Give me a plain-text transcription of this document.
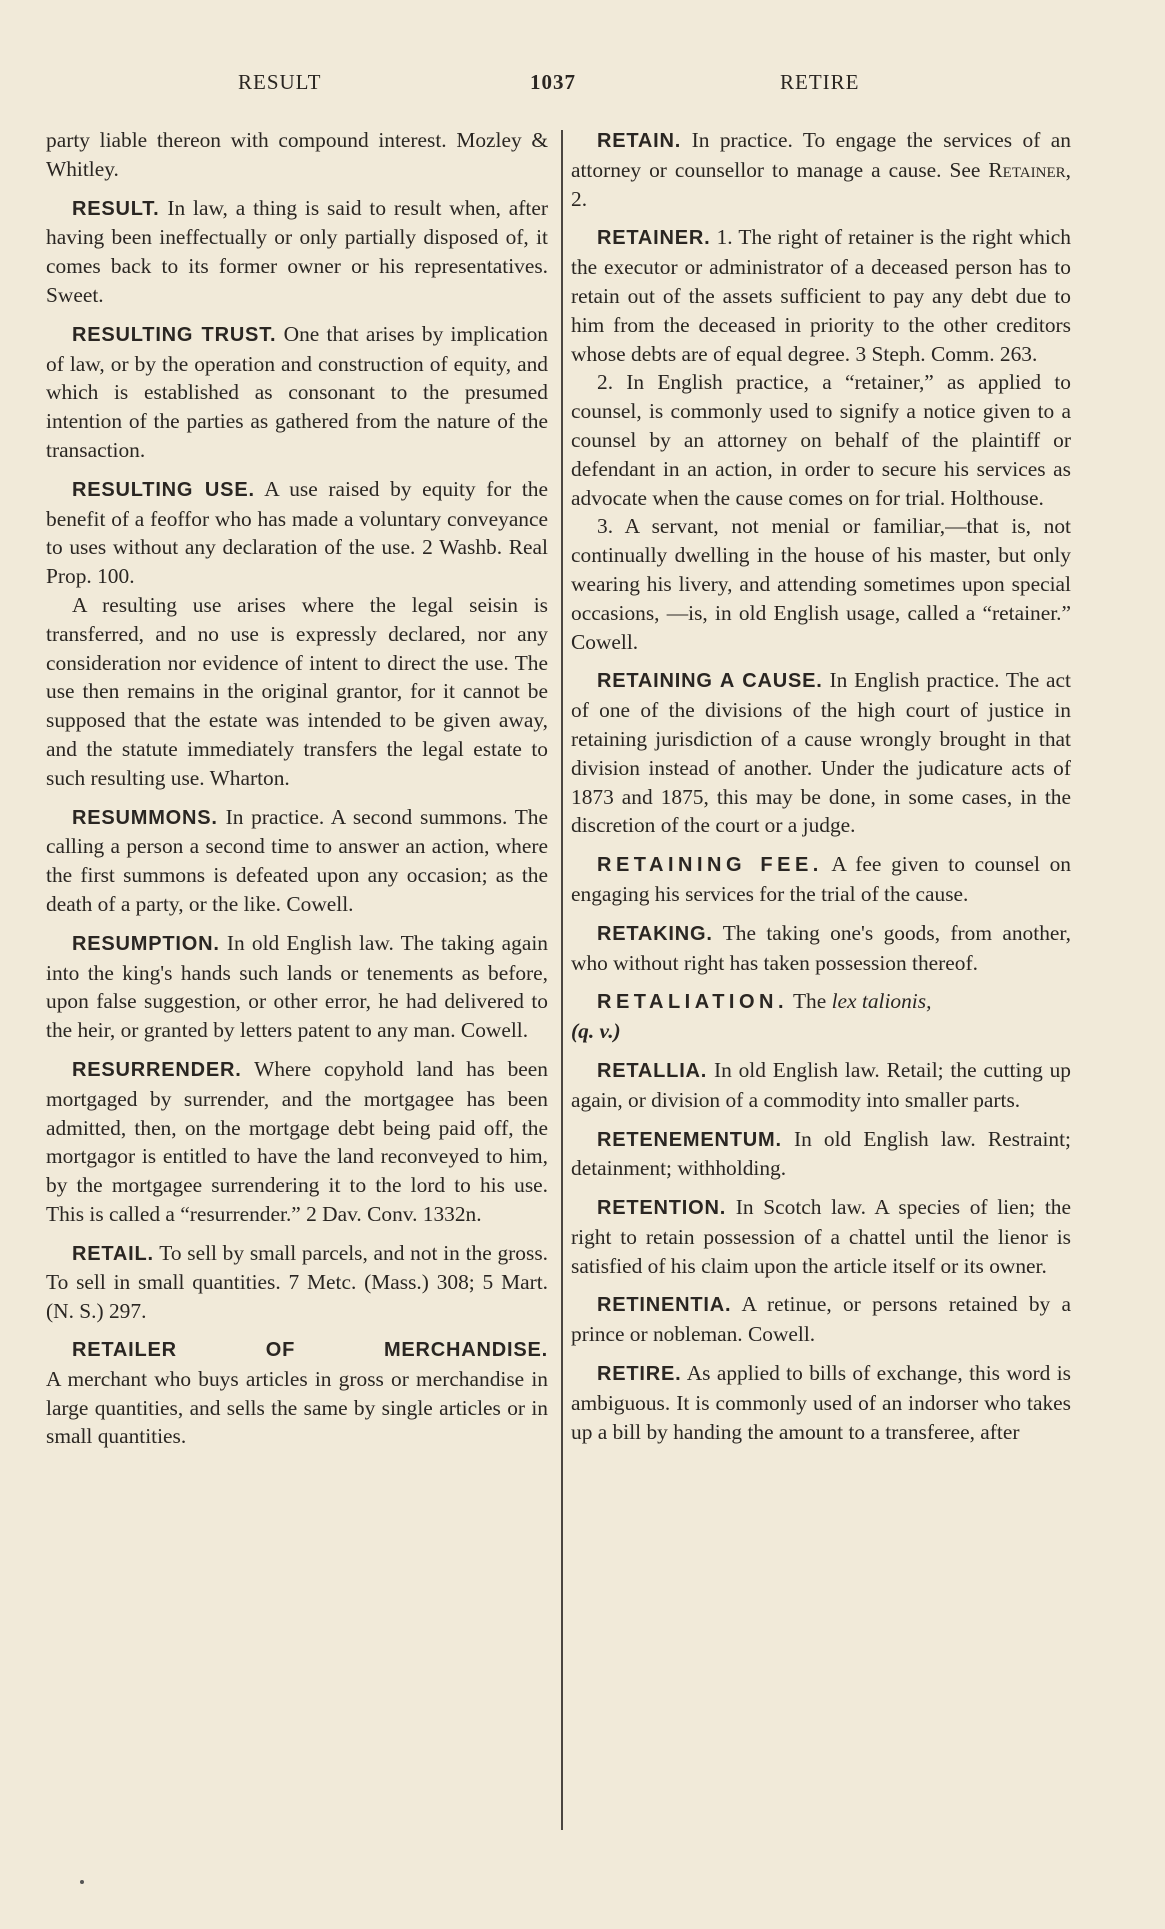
RESULT	1037	RETIRE

party liable thereon with compound interest. Mozley & Whitley.

RESULT. In law, a thing is said to result when, after having been ineffectually or only partially disposed of, it comes back to its former owner or his representatives. Sweet.

RESULTING TRUST. One that arises by implication of law, or by the operation and construction of equity, and which is established as consonant to the presumed intention of the parties as gathered from the nature of the transaction.

RESULTING USE. A use raised by equity for the benefit of a feoffor who has made a voluntary conveyance to uses without any declaration of the use. 2 Washb. Real Prop. 100.

A resulting use arises where the legal seisin is transferred, and no use is expressly declared, nor any consideration nor evidence of intent to direct the use. The use then remains in the original grantor, for it cannot be supposed that the estate was intended to be given away, and the statute immediately transfers the legal estate to such resulting use. Wharton.

RESUMMONS. In practice. A second summons. The calling a person a second time to answer an action, where the first summons is defeated upon any occasion; as the death of a party, or the like. Cowell.

RESUMPTION. In old English law. The taking again into the king's hands such lands or tenements as before, upon false suggestion, or other error, he had delivered to the heir, or granted by letters patent to any man. Cowell.

RESURRENDER. Where copyhold land has been mortgaged by surrender, and the mortgagee has been admitted, then, on the mortgage debt being paid off, the mortgagor is entitled to have the land reconveyed to him, by the mortgagee surrendering it to the lord to his use. This is called a “resurrender.” 2 Dav. Conv. 1332n.

RETAIL. To sell by small parcels, and not in the gross. To sell in small quantities. 7 Metc. (Mass.) 308; 5 Mart. (N. S.) 297.

RETAILER OF MERCHANDISE.
A merchant who buys articles in gross or merchandise in large quantities, and sells the same by single articles or in small quantities.

RETAIN. In practice. To engage the services of an attorney or counsellor to manage a cause. See Retainer, 2.

RETAINER. 1. The right of retainer is the right which the executor or administrator of a deceased person has to retain out of the assets sufficient to pay any debt due to him from the deceased in priority to the other creditors whose debts are of equal degree. 3 Steph. Comm. 263.

2. In English practice, a “retainer,” as applied to counsel, is commonly used to signify a notice given to a counsel by an attorney on behalf of the plaintiff or defendant in an action, in order to secure his services as advocate when the cause comes on for trial. Holthouse.

3. A servant, not menial or familiar,—that is, not continually dwelling in the house of his master, but only wearing his livery, and attending sometimes upon special occasions, —is, in old English usage, called a “retainer.” Cowell.

RETAINING A CAUSE. In English practice. The act of one of the divisions of the high court of justice in retaining jurisdiction of a cause wrongly brought in that division instead of another. Under the judicature acts of 1873 and 1875, this may be done, in some cases, in the discretion of the court or a judge.

RETAINING FEE. A fee given to counsel on engaging his services for the trial of the cause.

RETAKING. The taking one's goods, from another, who without right has taken possession thereof.

RETALIATION. The lex talionis,
(q. v.)

RETALLIA. In old English law. Retail; the cutting up again, or division of a commodity into smaller parts.

RETENEMENTUM. In old English law. Restraint; detainment; withholding.

RETENTION. In Scotch law. A species of lien; the right to retain possession of a chattel until the lienor is satisfied of his claim upon the article itself or its owner.

RETINENTIA. A retinue, or persons retained by a prince or nobleman. Cowell.

RETIRE. As applied to bills of exchange, this word is ambiguous. It is commonly used of an indorser who takes up a bill by handing the amount to a transferee, after
